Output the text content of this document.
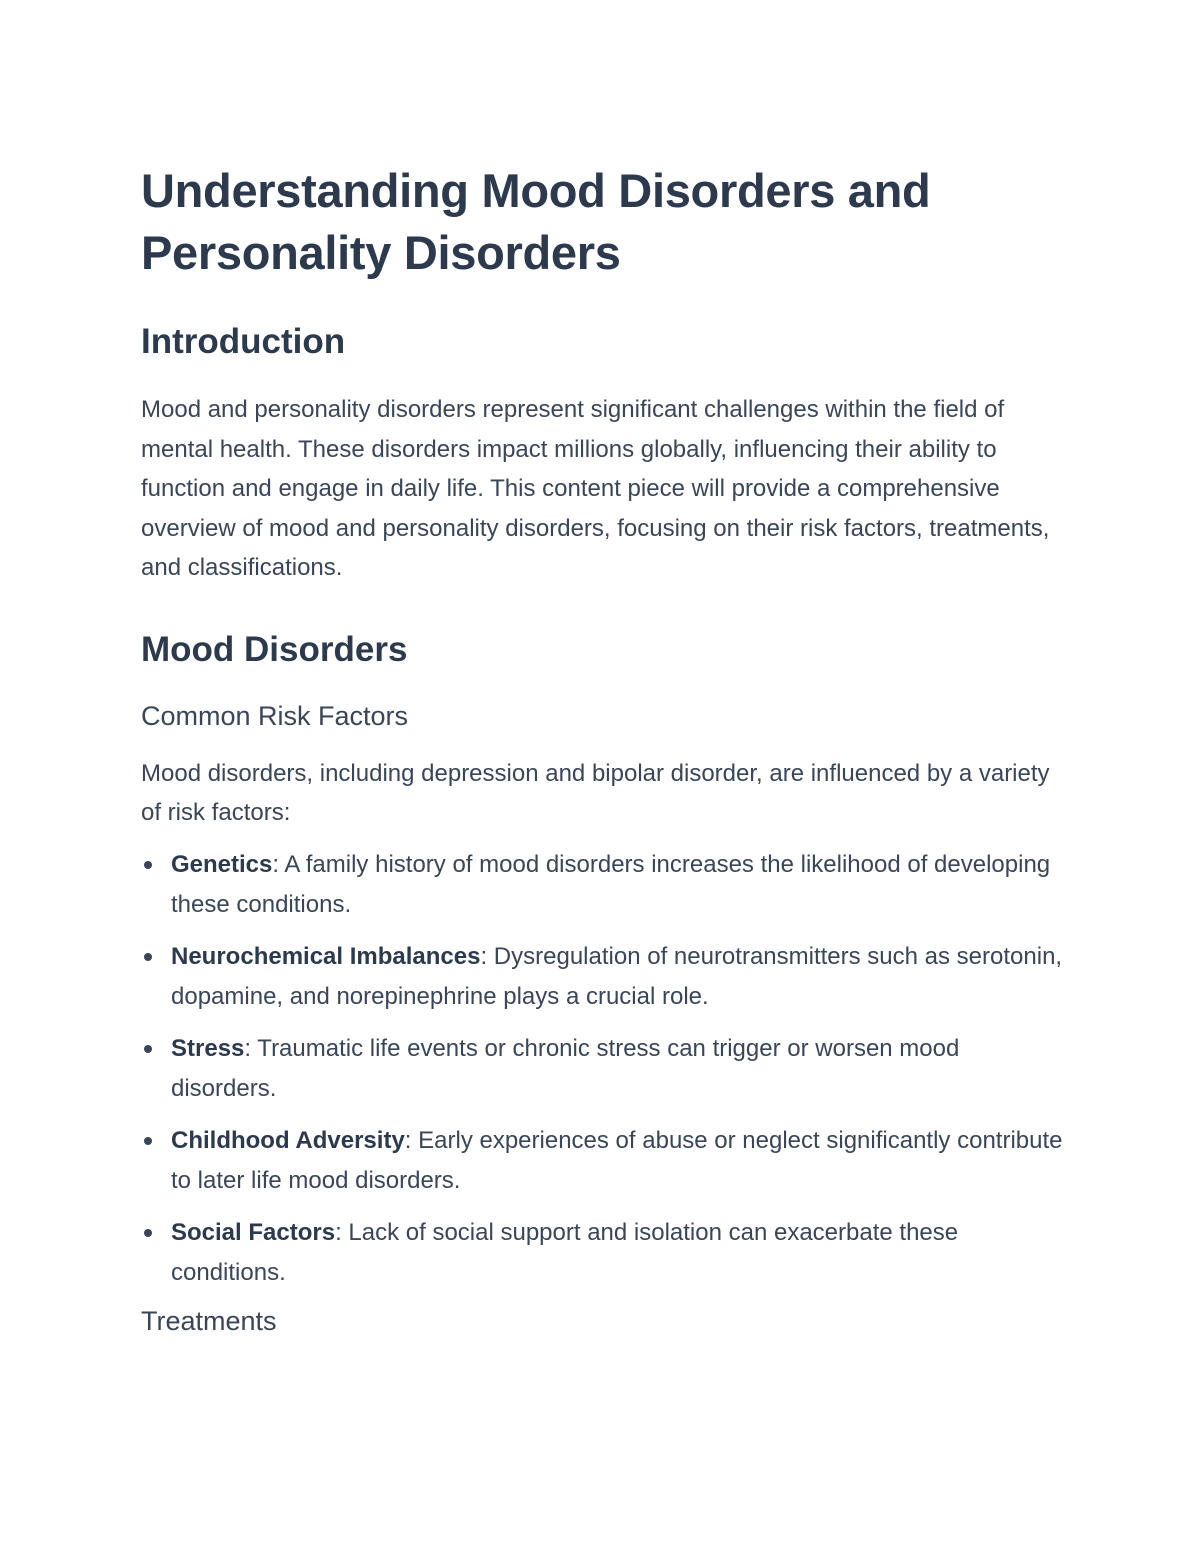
Understanding Mood Disorders and Personality Disorders
Introduction

Mood and personality disorders represent significant challenges within the field of mental health. These disorders impact millions globally, influencing their ability to function and engage in daily life. This content piece will provide a comprehensive overview of mood and personality disorders, focusing on their risk factors, treatments, and classifications.

Mood Disorders
Common Risk Factors

Mood disorders, including depression and bipolar disorder, are influenced by a variety of risk factors:

Genetics: A family history of mood disorders increases the likelihood of developing these conditions.
Neurochemical Imbalances: Dysregulation of neurotransmitters such as serotonin, dopamine, and norepinephrine plays a crucial role.
Stress: Traumatic life events or chronic stress can trigger or worsen mood disorders.
Childhood Adversity: Early experiences of abuse or neglect significantly contribute to later life mood disorders.
Social Factors: Lack of social support and isolation can exacerbate these conditions.
Treatments
